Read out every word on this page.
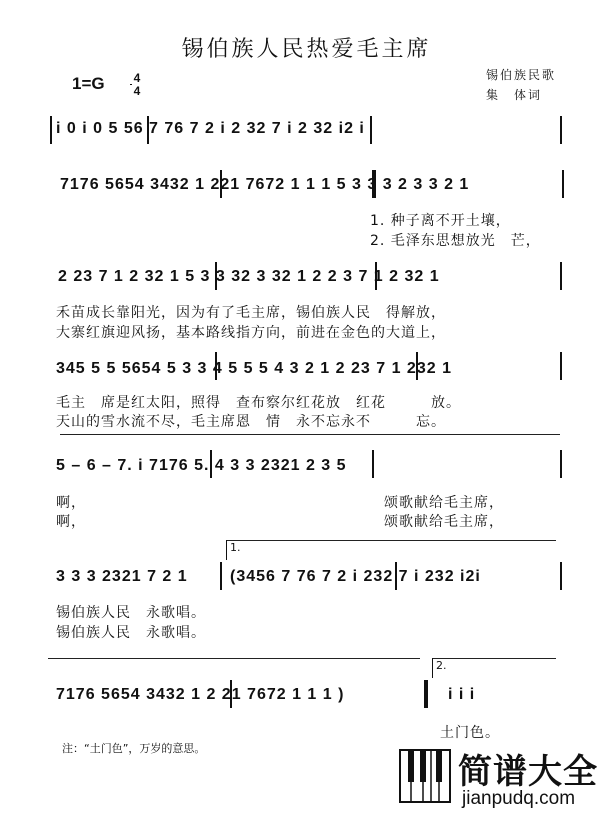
锡伯族人民热爱毛主席
锡伯族民歌
集　体词
1=G	4
4
i 0 i 0 5 56 7 76 7 2 i 2 32 7 i 2 32 i2 i
7176 5654 3432 1 221 7672 1 1 1 5 3 3 3 2 3 3 2 1
1. 种子离不开土壤，
2. 毛泽东思想放光　芒，
2 23 7 1 2 32 1 5 3 3 32 3 32 1 2 2 3 7 1 2 32 1
禾苗成长靠阳光，因为有了毛主席，锡伯族人民　得解放，
大寨红旗迎风扬，基本路线指方向，前进在金色的大道上，
345 5 5 5654 5 3 3 4 5 5 5 4 3 2 1 2 23 7 1 232 1
毛主　席是红太阳，照得　查布察尔红花放　红花　　　放。
天山的雪水流不尽，毛主席恩　情　永不忘永不　　　忘。
5 – 6 – 7. i 7176 5. 4 3 3 2321 2 3 5
啊，
啊，
颂歌献给毛主席，
颂歌献给毛主席，
1.
3 3 3 2321 7 2 1	(3456 7 76 7 2 i 232 7 i 232 i2i
锡伯族人民　永歌唱。
锡伯族人民　永歌唱。
2.
7176 5654 3432 1 2 21 7672 1 1 1 )	i i i
土门色。
注：“土门色”，万岁的意思。
简谱大全
jianpudq.com
